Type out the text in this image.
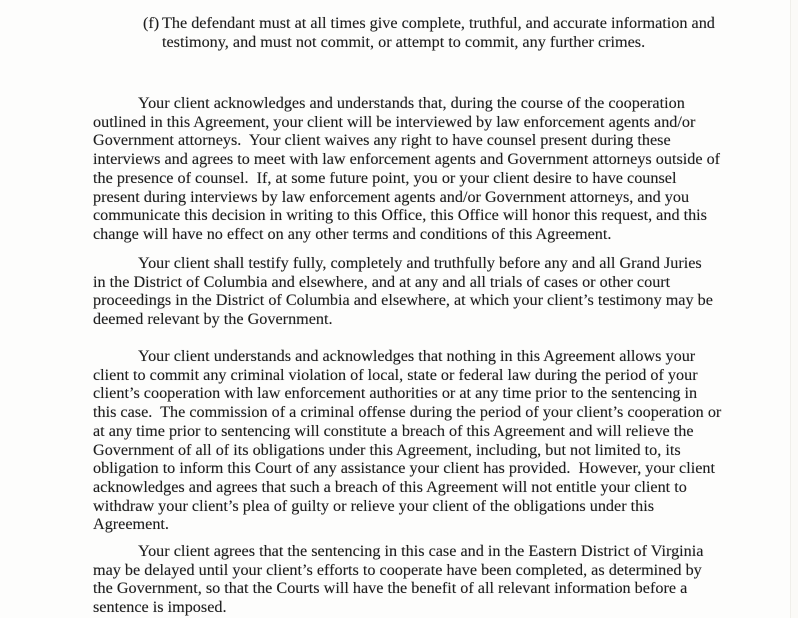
(f) The defendant must at all times give complete, truthful, and accurate information and
testimony, and must not commit, or attempt to commit, any further crimes.
Your client acknowledges and understands that, during the course of the cooperation
outlined in this Agreement, your client will be interviewed by law enforcement agents and/or
Government attorneys.  Your client waives any right to have counsel present during these
interviews and agrees to meet with law enforcement agents and Government attorneys outside of
the presence of counsel.  If, at some future point, you or your client desire to have counsel
present during interviews by law enforcement agents and/or Government attorneys, and you
communicate this decision in writing to this Office, this Office will honor this request, and this
change will have no effect on any other terms and conditions of this Agreement.
Your client shall testify fully, completely and truthfully before any and all Grand Juries
in the District of Columbia and elsewhere, and at any and all trials of cases or other court
proceedings in the District of Columbia and elsewhere, at which your client’s testimony may be
deemed relevant by the Government.
Your client understands and acknowledges that nothing in this Agreement allows your
client to commit any criminal violation of local, state or federal law during the period of your
client’s cooperation with law enforcement authorities or at any time prior to the sentencing in
this case.  The commission of a criminal offense during the period of your client’s cooperation or
at any time prior to sentencing will constitute a breach of this Agreement and will relieve the
Government of all of its obligations under this Agreement, including, but not limited to, its
obligation to inform this Court of any assistance your client has provided.  However, your client
acknowledges and agrees that such a breach of this Agreement will not entitle your client to
withdraw your client’s plea of guilty or relieve your client of the obligations under this
Agreement.
Your client agrees that the sentencing in this case and in the Eastern District of Virginia
may be delayed until your client’s efforts to cooperate have been completed, as determined by
the Government, so that the Courts will have the benefit of all relevant information before a
sentence is imposed.
